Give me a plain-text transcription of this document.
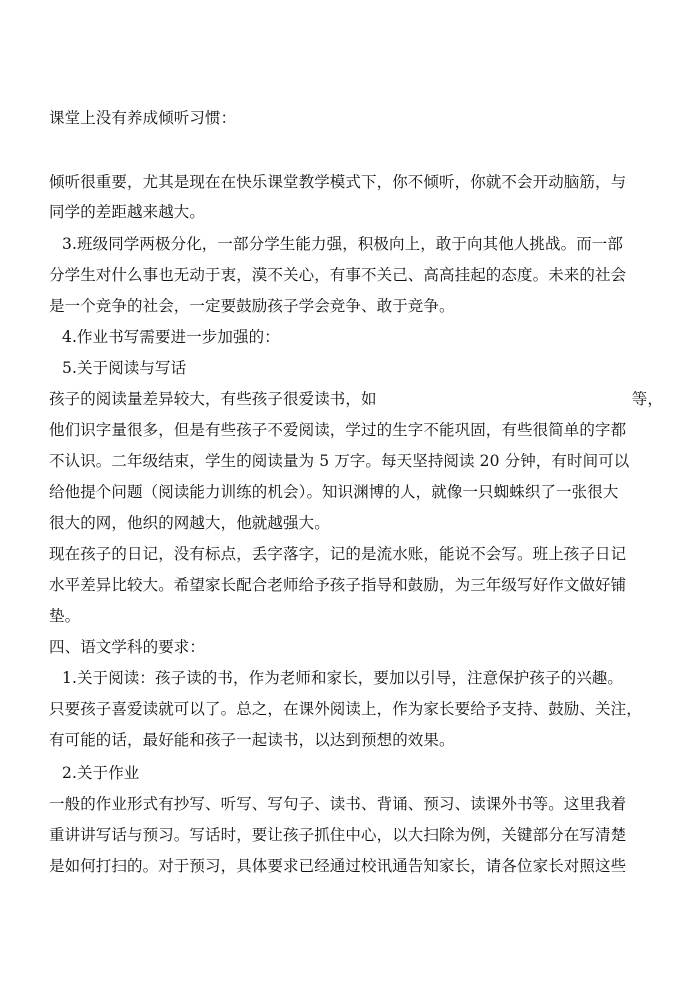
课堂上没有养成倾听习惯：
倾听很重要，尤其是现在在快乐课堂教学模式下，你不倾听，你就不会开动脑筋，与
同学的差距越来越大。
3.班级同学两极分化，一部分学生能力强，积极向上，敢于向其他人挑战。而一部
分学生对什么事也无动于衷，漠不关心，有事不关己、高高挂起的态度。未来的社会
是一个竞争的社会，一定要鼓励孩子学会竞争、敢于竞争。
4.作业书写需要进一步加强的：
5.关于阅读与写话
孩子的阅读量差异较大，有些孩子很爱读书，如	等，
他们识字量很多，但是有些孩子不爱阅读，学过的生字不能巩固，有些很简单的字都
不认识。二年级结束，学生的阅读量为 5 万字。每天坚持阅读 20 分钟，有时间可以
给他提个问题（阅读能力训练的机会）。知识渊博的人，就像一只蜘蛛织了一张很大
很大的网，他织的网越大，他就越强大。
现在孩子的日记，没有标点，丢字落字，记的是流水账，能说不会写。班上孩子日记
水平差异比较大。希望家长配合老师给予孩子指导和鼓励，为三年级写好作文做好铺
垫。
四、语文学科的要求：
1.关于阅读：孩子读的书，作为老师和家长，要加以引导，注意保护孩子的兴趣。
只要孩子喜爱读就可以了。总之，在课外阅读上，作为家长要给予支持、鼓励、关注，
有可能的话，最好能和孩子一起读书，以达到预想的效果。
2.关于作业
一般的作业形式有抄写、听写、写句子、读书、背诵、预习、读课外书等。这里我着
重讲讲写话与预习。写话时，要让孩子抓住中心，以大扫除为例，关键部分在写清楚
是如何打扫的。对于预习，具体要求已经通过校讯通告知家长，请各位家长对照这些
